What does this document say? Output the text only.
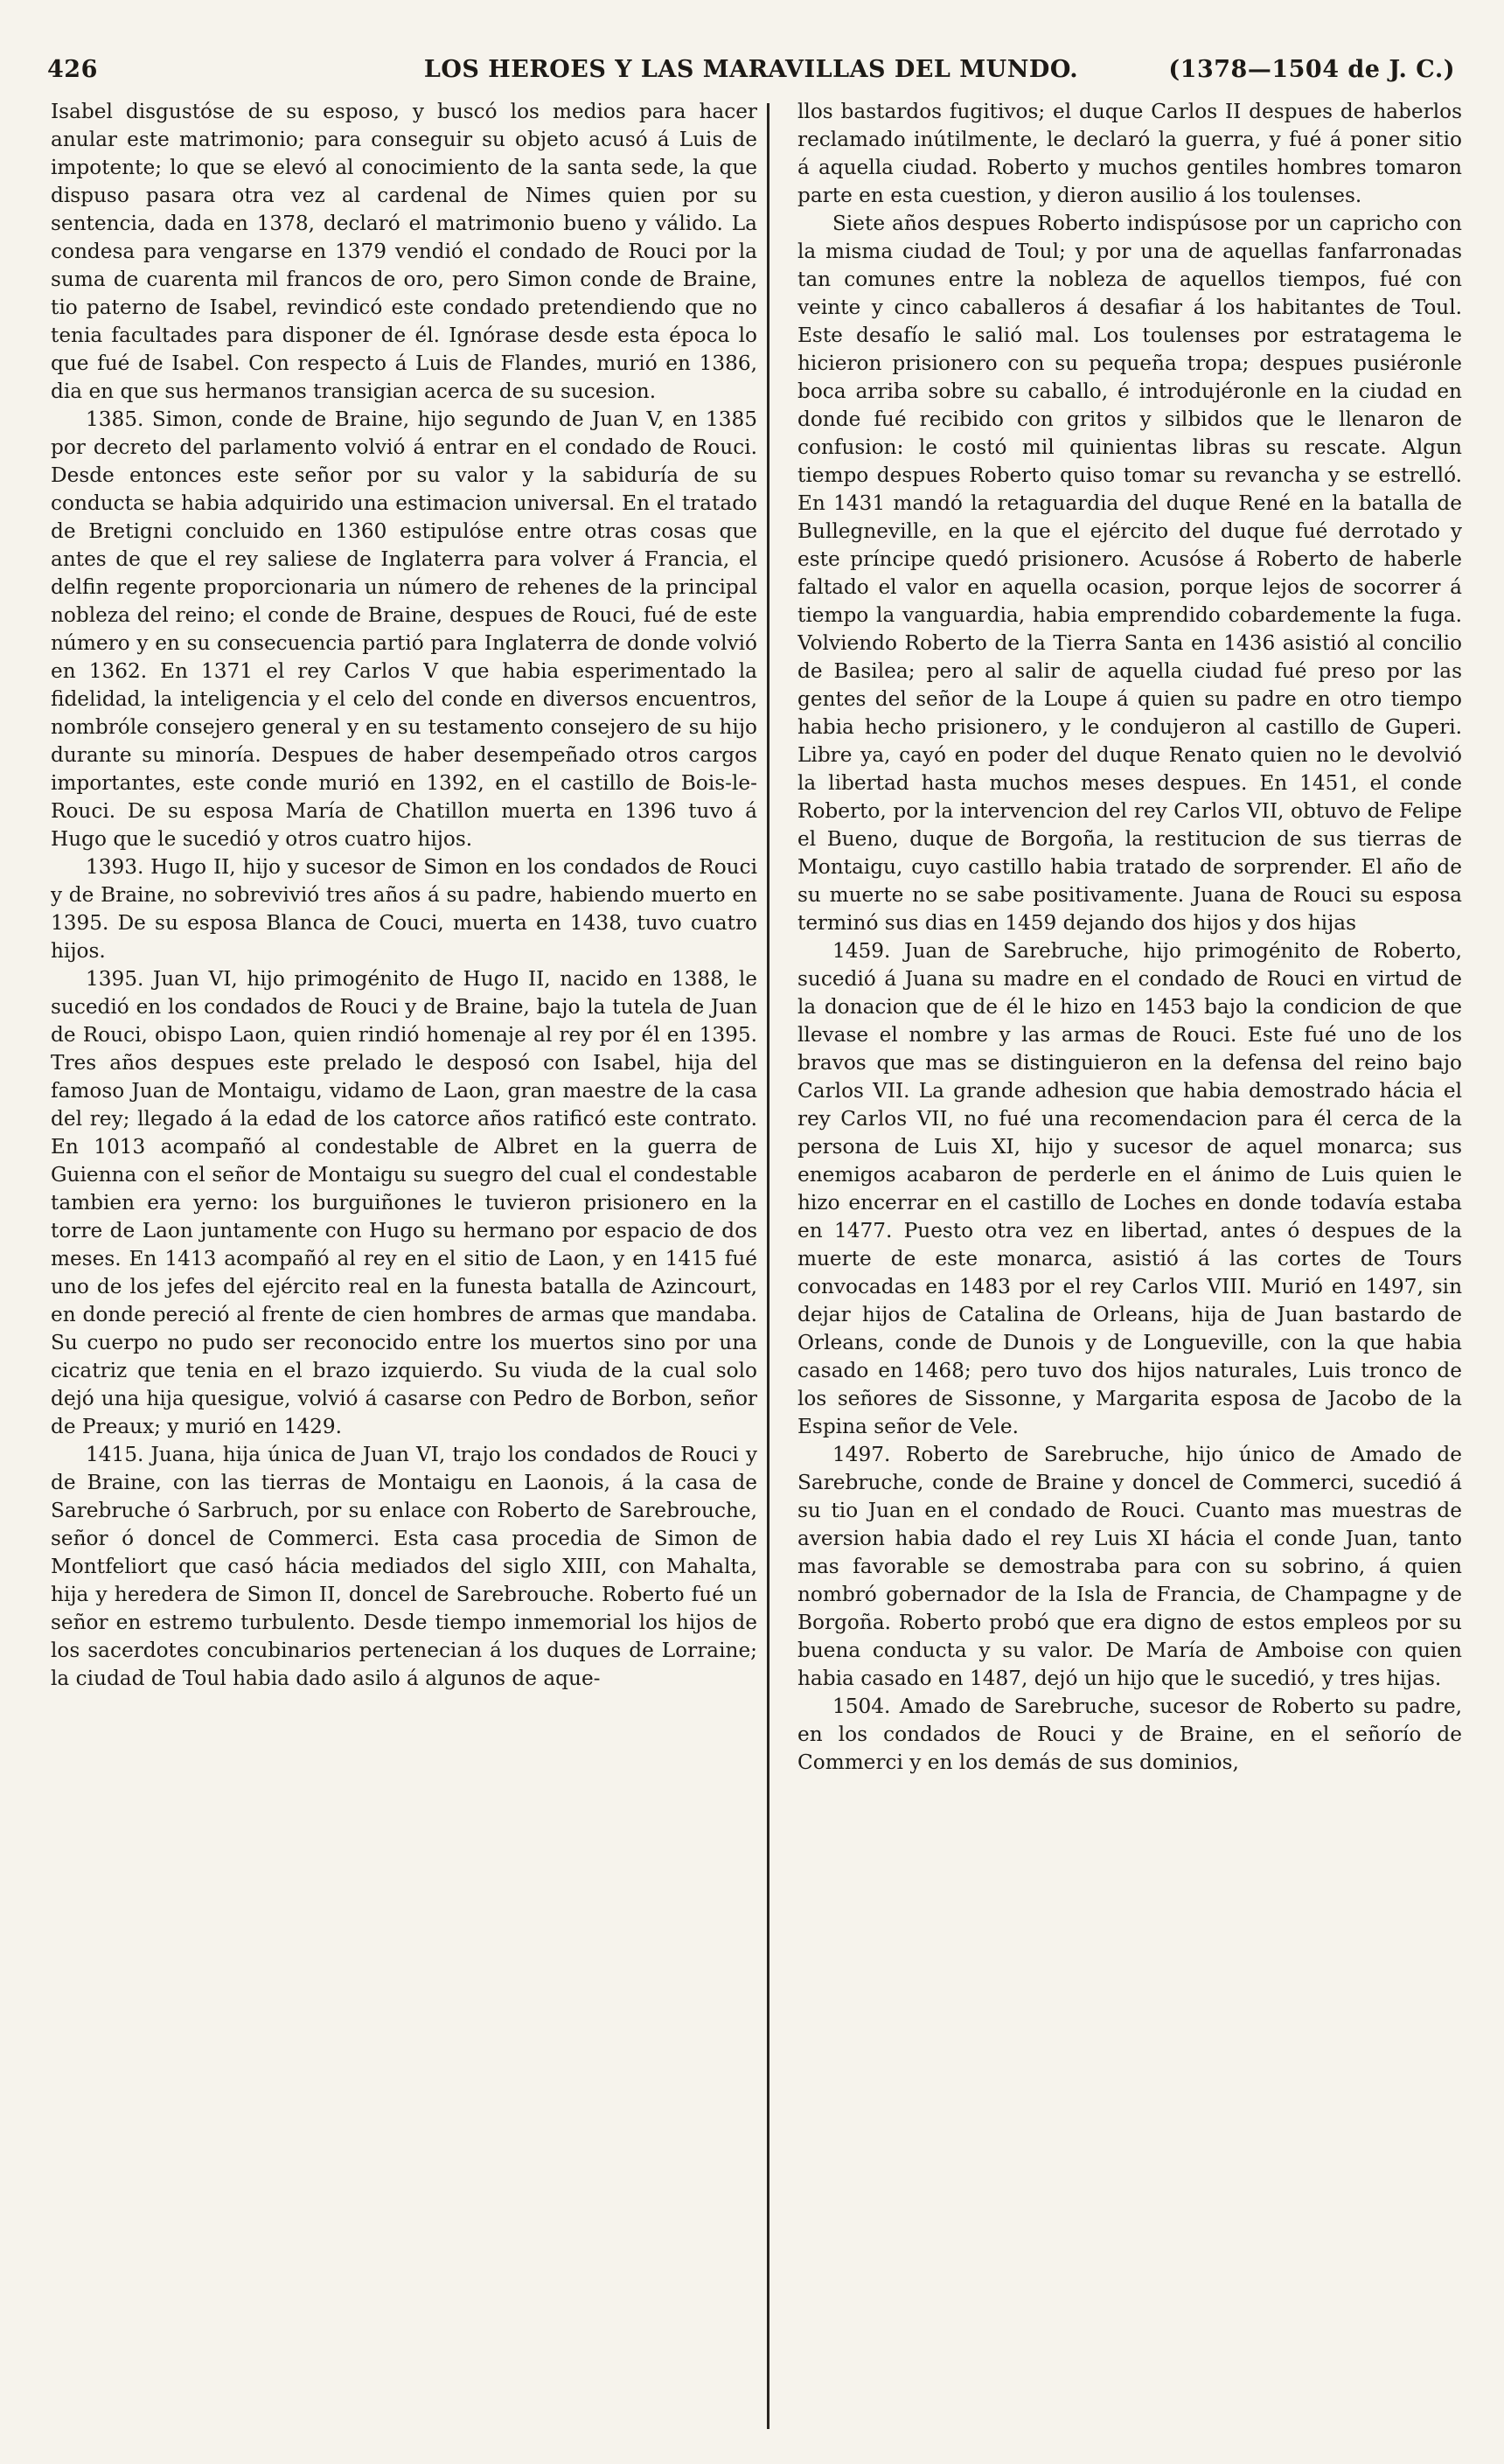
426	LOS HEROES Y LAS MARAVILLAS DEL MUNDO.	(1378—1504 de J. C.)

Isabel disgustóse de su esposo, y buscó los medios para hacer anular este matrimonio; para conseguir su objeto acusó á Luis de impotente; lo que se elevó al conocimiento de la santa sede, la que dispuso pasara otra vez al cardenal de Nimes quien por su sentencia, dada en 1378, declaró el matrimonio bueno y válido. La condesa para vengarse en 1379 vendió el condado de Rouci por la suma de cuarenta mil francos de oro, pero Simon conde de Braine, tio paterno de Isabel, revindicó este condado pretendiendo que no tenia facultades para disponer de él. Ignórase desde esta época lo que fué de Isabel. Con respecto á Luis de Flandes, murió en 1386, dia en que sus hermanos transigian acerca de su sucesion.

1385. Simon, conde de Braine, hijo segundo de Juan V, en 1385 por decreto del parlamento volvió á entrar en el condado de Rouci. Desde entonces este señor por su valor y la sabiduría de su conducta se habia adquirido una estimacion universal. En el tratado de Bretigni concluido en 1360 estipulóse entre otras cosas que antes de que el rey saliese de Inglaterra para volver á Francia, el delfin regente proporcionaria un número de rehenes de la principal nobleza del reino; el conde de Braine, despues de Rouci, fué de este número y en su consecuencia partió para Inglaterra de donde volvió en 1362. En 1371 el rey Carlos V que habia esperimentado la fidelidad, la inteligencia y el celo del conde en diversos encuentros, nombróle consejero general y en su testamento consejero de su hijo durante su minoría. Despues de haber desempeñado otros cargos importantes, este conde murió en 1392, en el castillo de Bois-le-Rouci. De su esposa María de Chatillon muerta en 1396 tuvo á Hugo que le sucedió y otros cuatro hijos.

1393. Hugo II, hijo y sucesor de Simon en los condados de Rouci y de Braine, no sobrevivió tres años á su padre, habiendo muerto en 1395. De su esposa Blanca de Couci, muerta en 1438, tuvo cuatro hijos.

1395. Juan VI, hijo primogénito de Hugo II, nacido en 1388, le sucedió en los condados de Rouci y de Braine, bajo la tutela de Juan de Rouci, obispo Laon, quien rindió homenaje al rey por él en 1395. Tres años despues este prelado le desposó con Isabel, hija del famoso Juan de Montaigu, vidamo de Laon, gran maestre de la casa del rey; llegado á la edad de los catorce años ratificó este contrato. En 1013 acompañó al condestable de Albret en la guerra de Guienna con el señor de Montaigu su suegro del cual el condestable tambien era yerno: los burguiñones le tuvieron prisionero en la torre de Laon juntamente con Hugo su hermano por espacio de dos meses. En 1413 acompañó al rey en el sitio de Laon, y en 1415 fué uno de los jefes del ejército real en la funesta batalla de Azincourt, en donde pereció al frente de cien hombres de armas que mandaba. Su cuerpo no pudo ser reconocido entre los muertos sino por una cicatriz que tenia en el brazo izquierdo. Su viuda de la cual solo dejó una hija quesigue, volvió á casarse con Pedro de Borbon, señor de Preaux; y murió en 1429.

1415. Juana, hija única de Juan VI, trajo los condados de Rouci y de Braine, con las tierras de Montaigu en Laonois, á la casa de Sarebruche ó Sarbruch, por su enlace con Roberto de Sarebrouche, señor ó doncel de Commerci. Esta casa procedia de Simon de Montfeliort que casó hácia mediados del siglo XIII, con Mahalta, hija y heredera de Simon II, doncel de Sarebrouche. Roberto fué un señor en estremo turbulento. Desde tiempo inmemorial los hijos de los sacerdotes concubinarios pertenecian á los duques de Lorraine; la ciudad de Toul habia dado asilo á algunos de aque-

llos bastardos fugitivos; el duque Carlos II despues de haberlos reclamado inútilmente, le declaró la guerra, y fué á poner sitio á aquella ciudad. Roberto y muchos gentiles hombres tomaron parte en esta cuestion, y dieron ausilio á los toulenses.

Siete años despues Roberto indispúsose por un capricho con la misma ciudad de Toul; y por una de aquellas fanfarronadas tan comunes entre la nobleza de aquellos tiempos, fué con veinte y cinco caballeros á desafiar á los habitantes de Toul. Este desafío le salió mal. Los toulenses por estratagema le hicieron prisionero con su pequeña tropa; despues pusiéronle boca arriba sobre su caballo, é introdujéronle en la ciudad en donde fué recibido con gritos y silbidos que le llenaron de confusion: le costó mil quinientas libras su rescate. Algun tiempo despues Roberto quiso tomar su revancha y se estrelló. En 1431 mandó la retaguardia del duque René en la batalla de Bullegneville, en la que el ejército del duque fué derrotado y este príncipe quedó prisionero. Acusóse á Roberto de haberle faltado el valor en aquella ocasion, porque lejos de socorrer á tiempo la vanguardia, habia emprendido cobardemente la fuga. Volviendo Roberto de la Tierra Santa en 1436 asistió al concilio de Basilea; pero al salir de aquella ciudad fué preso por las gentes del señor de la Loupe á quien su padre en otro tiempo habia hecho prisionero, y le condujeron al castillo de Guperi. Libre ya, cayó en poder del duque Renato quien no le devolvió la libertad hasta muchos meses despues. En 1451, el conde Roberto, por la intervencion del rey Carlos VII, obtuvo de Felipe el Bueno, duque de Borgoña, la restitucion de sus tierras de Montaigu, cuyo castillo habia tratado de sorprender. El año de su muerte no se sabe positivamente. Juana de Rouci su esposa terminó sus dias en 1459 dejando dos hijos y dos hijas

1459. Juan de Sarebruche, hijo primogénito de Roberto, sucedió á Juana su madre en el condado de Rouci en virtud de la donacion que de él le hizo en 1453 bajo la condicion de que llevase el nombre y las armas de Rouci. Este fué uno de los bravos que mas se distinguieron en la defensa del reino bajo Carlos VII. La grande adhesion que habia demostrado hácia el rey Carlos VII, no fué una recomendacion para él cerca de la persona de Luis XI, hijo y sucesor de aquel monarca; sus enemigos acabaron de perderle en el ánimo de Luis quien le hizo encerrar en el castillo de Loches en donde todavía estaba en 1477. Puesto otra vez en libertad, antes ó despues de la muerte de este monarca, asistió á las cortes de Tours convocadas en 1483 por el rey Carlos VIII. Murió en 1497, sin dejar hijos de Catalina de Orleans, hija de Juan bastardo de Orleans, conde de Dunois y de Longueville, con la que habia casado en 1468; pero tuvo dos hijos naturales, Luis tronco de los señores de Sissonne, y Margarita esposa de Jacobo de la Espina señor de Vele.

1497. Roberto de Sarebruche, hijo único de Amado de Sarebruche, conde de Braine y doncel de Commerci, sucedió á su tio Juan en el condado de Rouci. Cuanto mas muestras de aversion habia dado el rey Luis XI hácia el conde Juan, tanto mas favorable se demostraba para con su sobrino, á quien nombró gobernador de la Isla de Francia, de Champagne y de Borgoña. Roberto probó que era digno de estos empleos por su buena conducta y su valor. De María de Amboise con quien habia casado en 1487, dejó un hijo que le sucedió, y tres hijas.

1504. Amado de Sarebruche, sucesor de Roberto su padre, en los condados de Rouci y de Braine, en el señorío de Commerci y en los demás de sus dominios,
